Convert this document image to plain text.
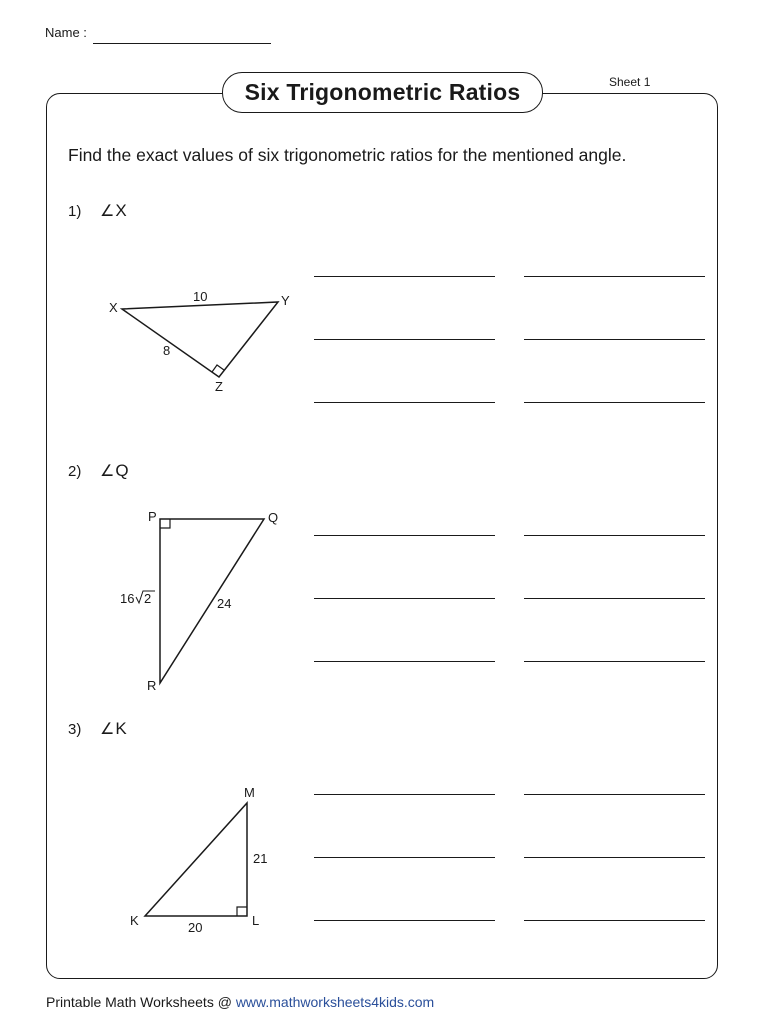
Name :
Sheet 1
Six Trigonometric Ratios
Find the exact values of six trigonometric ratios for the mentioned angle.
1) ∠X
2) ∠Q
3) ∠K
X	Y
Z
10
8
P	Q
R
16 2	24
M
K	L
21
20
Printable Math Worksheets @ www.mathworksheets4kids.com
